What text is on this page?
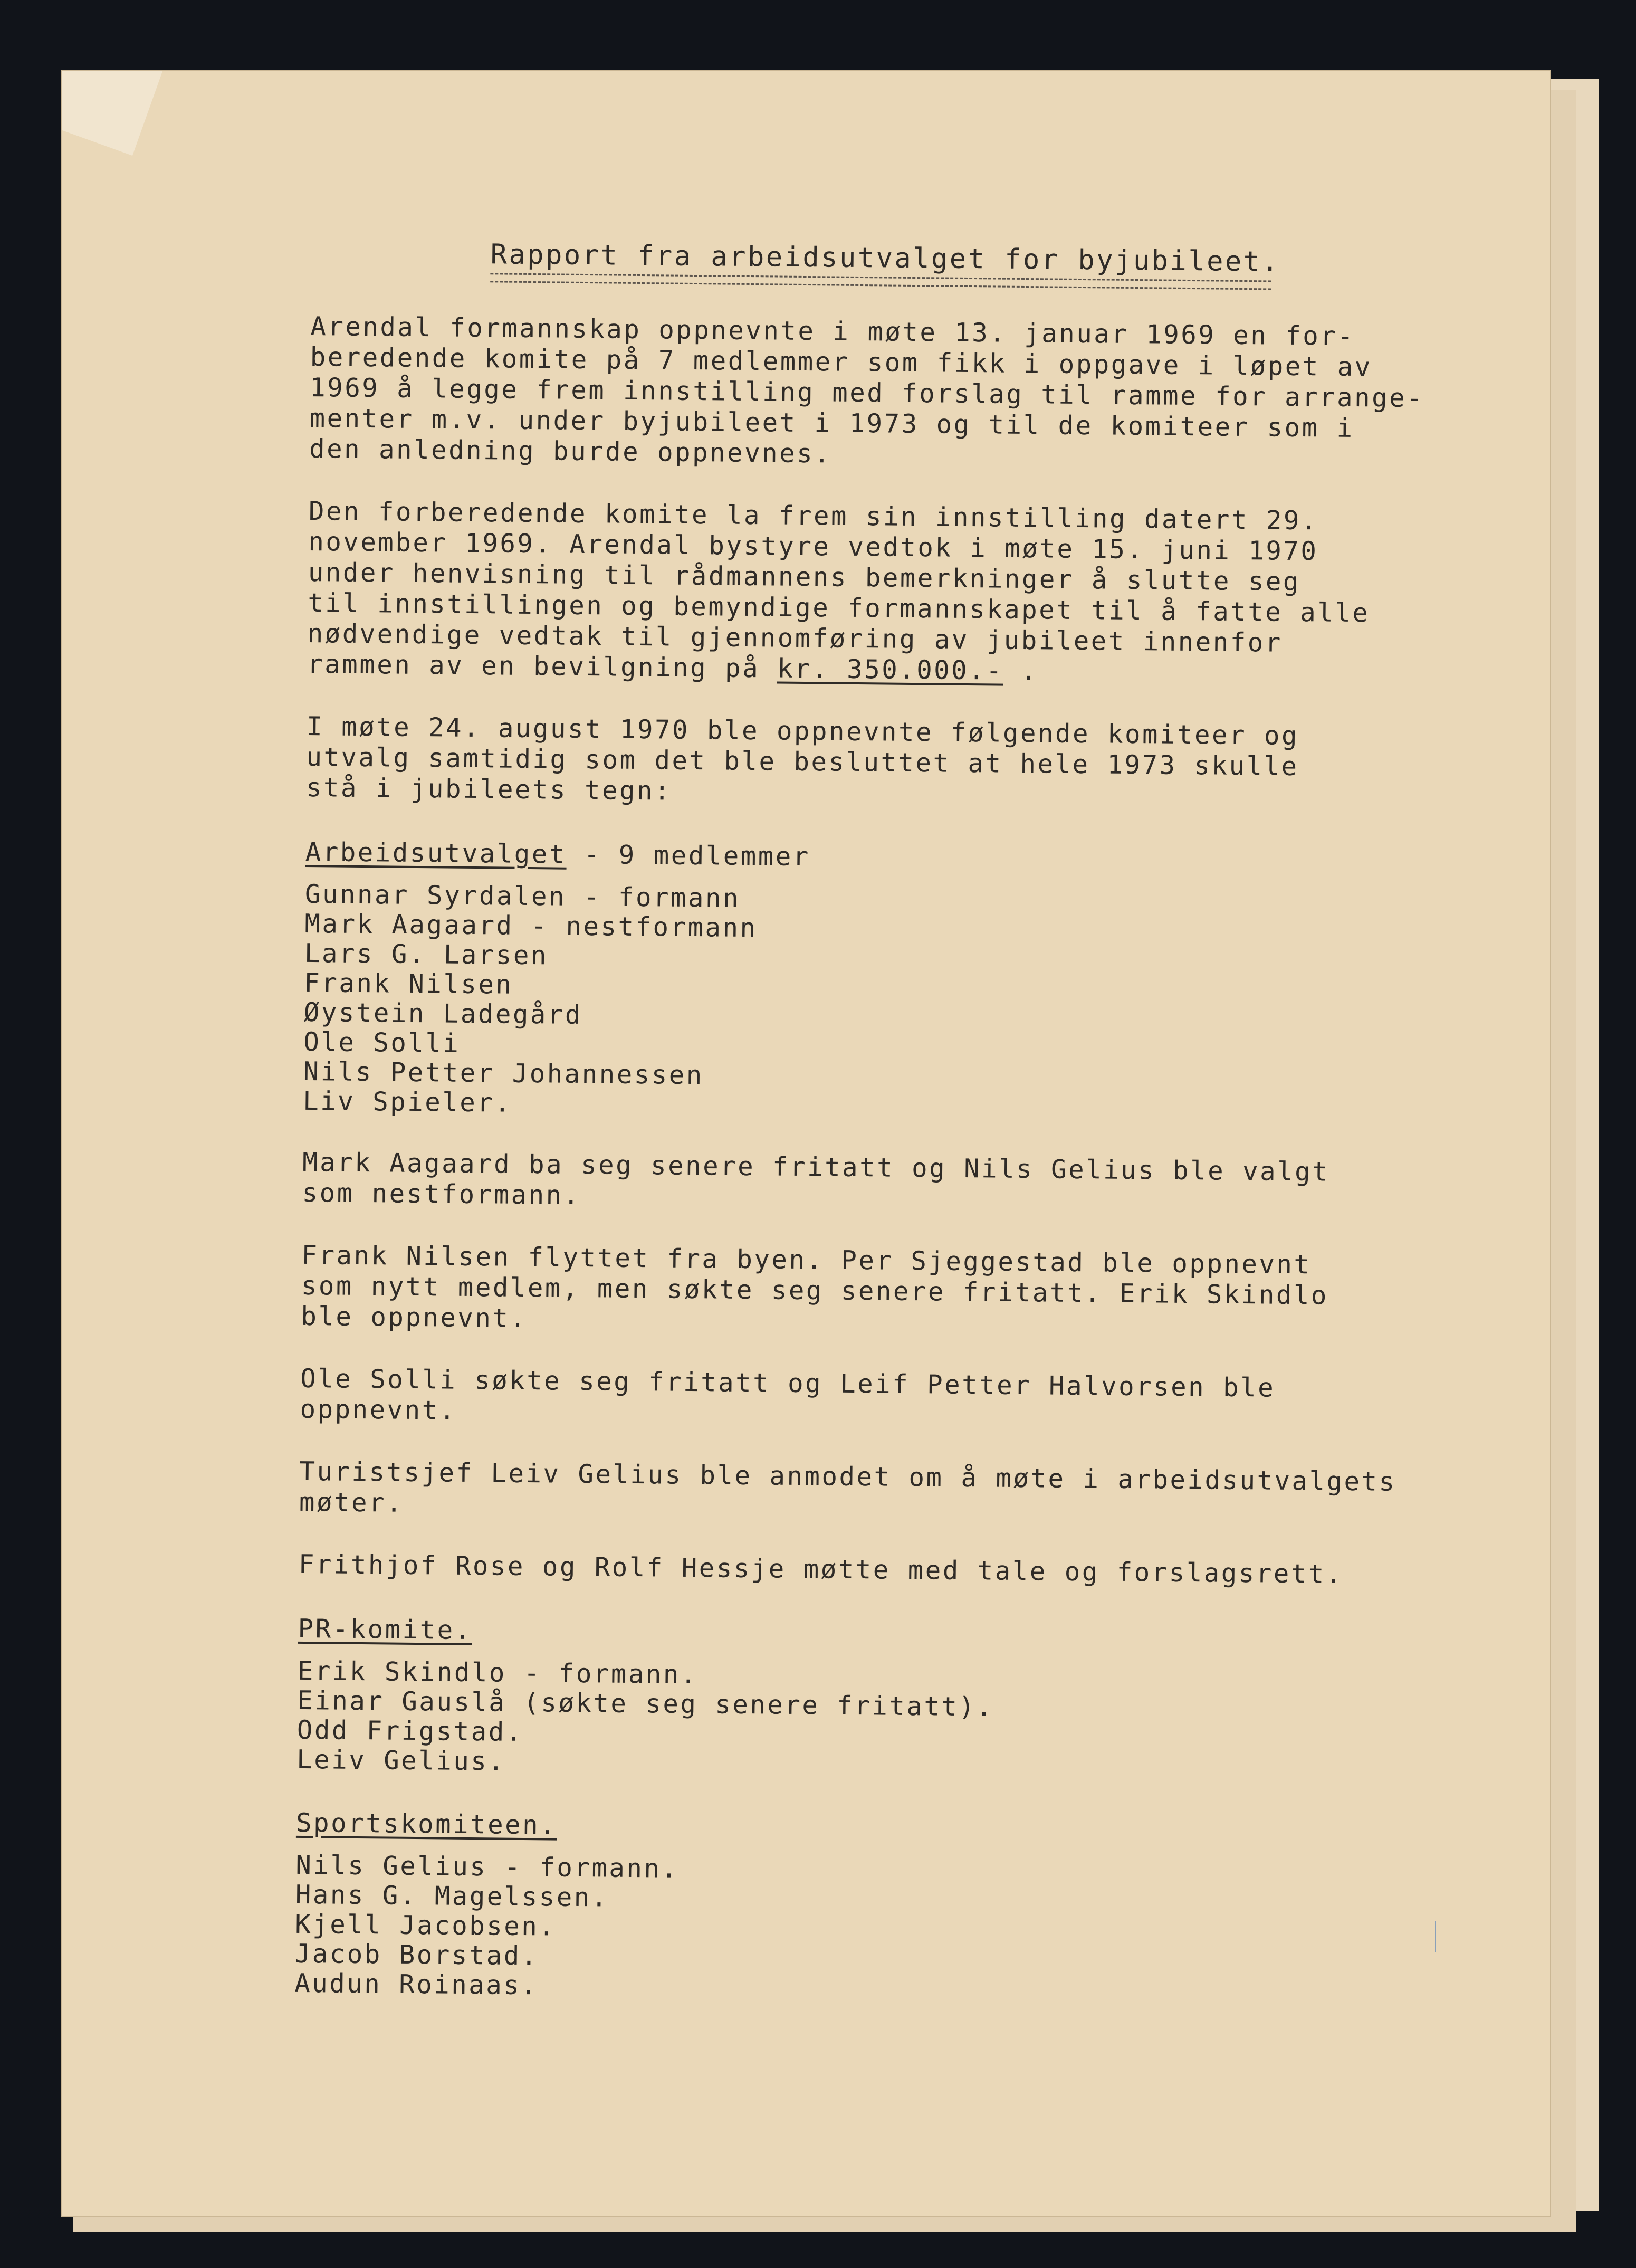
Rapport fra arbeidsutvalget for byjubileet.
Arendal formannskap oppnevnte i møte 13. januar 1969 en for-
beredende komite på 7 medlemmer som fikk i oppgave i løpet av
1969 å legge frem innstilling med forslag til ramme for arrange-
menter m.v. under byjubileet i 1973 og til de komiteer som i
den anledning burde oppnevnes.
Den forberedende komite la frem sin innstilling datert 29.
november 1969. Arendal bystyre vedtok i møte 15. juni 1970
under henvisning til rådmannens bemerkninger å slutte seg
til innstillingen og bemyndige formannskapet til å fatte alle
nødvendige vedtak til gjennomføring av jubileet innenfor
rammen av en bevilgning på kr. 350.000.- .
I møte 24. august 1970 ble oppnevnte følgende komiteer og
utvalg samtidig som det ble besluttet at hele 1973 skulle
stå i jubileets tegn:
Arbeidsutvalget - 9 medlemmer
Gunnar Syrdalen - formann
Mark Aagaard - nestformann
Lars G. Larsen
Frank Nilsen
Øystein Ladegård
Ole Solli
Nils Petter Johannessen
Liv Spieler.
Mark Aagaard ba seg senere fritatt og Nils Gelius ble valgt
som nestformann.
Frank Nilsen flyttet fra byen. Per Sjeggestad ble oppnevnt
som nytt medlem, men søkte seg senere fritatt. Erik Skindlo
ble oppnevnt.
Ole Solli søkte seg fritatt og Leif Petter Halvorsen ble
oppnevnt.
Turistsjef Leiv Gelius ble anmodet om å møte i arbeidsutvalgets
møter.
Frithjof Rose og Rolf Hessje møtte med tale og forslagsrett.
PR-komite.
Erik Skindlo - formann.
Einar Gauslå (søkte seg senere fritatt).
Odd Frigstad.
Leiv Gelius.
Sportskomiteen.
Nils Gelius - formann.
Hans G. Magelssen.
Kjell Jacobsen.
Jacob Borstad.
Audun Roinaas.
